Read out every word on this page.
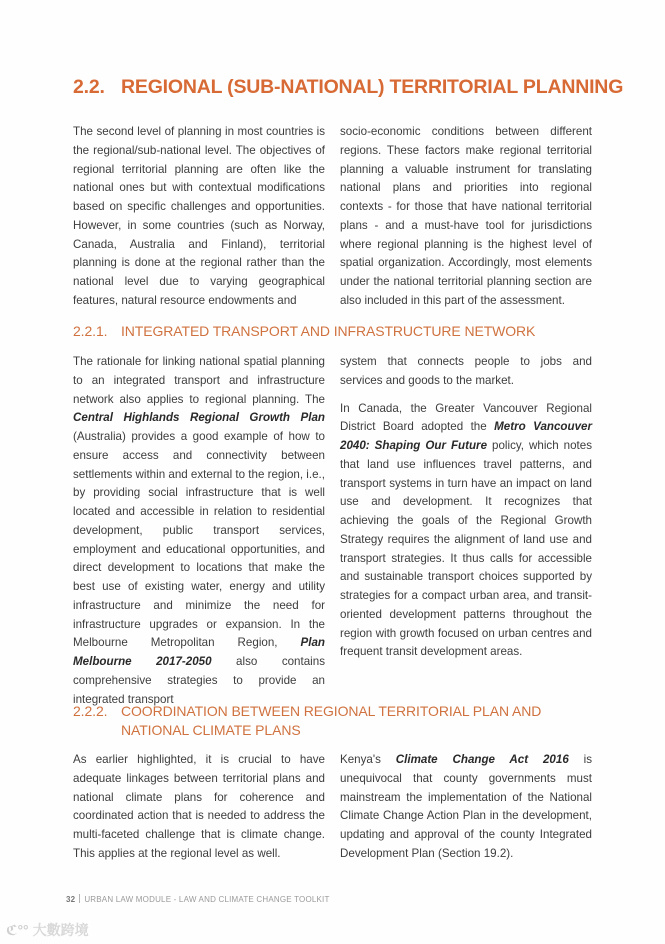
2.2. REGIONAL (SUB-NATIONAL) TERRITORIAL PLANNING

The second level of planning in most countries is the regional/sub-national level. The objectives of regional territorial planning are often like the national ones but with contextual modifications based on specific challenges and opportunities. However, in some countries (such as Norway, Canada, Australia and Finland), territorial planning is done at the regional rather than the national level due to varying geographical features, natural resource endowments and

socio-economic conditions between different regions. These factors make regional territorial planning a valuable instrument for translating national plans and priorities into regional contexts - for those that have national territorial plans - and a must-have tool for jurisdictions where regional planning is the highest level of spatial organization. Accordingly, most elements under the national territorial planning section are also included in this part of the assessment.

2.2.1. INTEGRATED TRANSPORT AND INFRASTRUCTURE NETWORK

The rationale for linking national spatial planning to an integrated transport and infrastructure network also applies to regional planning. The Central Highlands Regional Growth Plan (Australia) provides a good example of how to ensure access and connectivity between settlements within and external to the region, i.e., by providing social infrastructure that is well located and accessible in relation to residential development, public transport services, employment and educational opportunities, and direct development to locations that make the best use of existing water, energy and utility infrastructure and minimize the need for infrastructure upgrades or expansion. In the Melbourne Metropolitan Region, Plan Melbourne 2017-2050 also contains comprehensive strategies to provide an integrated transport

system that connects people to jobs and services and goods to the market.

In Canada, the Greater Vancouver Regional District Board adopted the Metro Vancouver 2040: Shaping Our Future policy, which notes that land use influences travel patterns, and transport systems in turn have an impact on land use and development. It recognizes that achieving the goals of the Regional Growth Strategy requires the alignment of land use and transport strategies. It thus calls for accessible and sustainable transport choices supported by strategies for a compact urban area, and transit-oriented development patterns throughout the region with growth focused on urban centres and frequent transit development areas.

2.2.2. COORDINATION BETWEEN REGIONAL TERRITORIAL PLAN AND
NATIONAL CLIMATE PLANS

As earlier highlighted, it is crucial to have adequate linkages between territorial plans and national climate plans for coherence and coordinated action that is needed to address the multi-faceted challenge that is climate change. This applies at the regional level as well.

Kenya's Climate Change Act 2016 is unequivocal that county governments must mainstream the implementation of the National Climate Change Action Plan in the development, updating and approval of the county Integrated Development Plan (Section 19.2).

32 URBAN LAW MODULE - LAW AND CLIMATE CHANGE TOOLKIT
ℭ°° 大數跨境
